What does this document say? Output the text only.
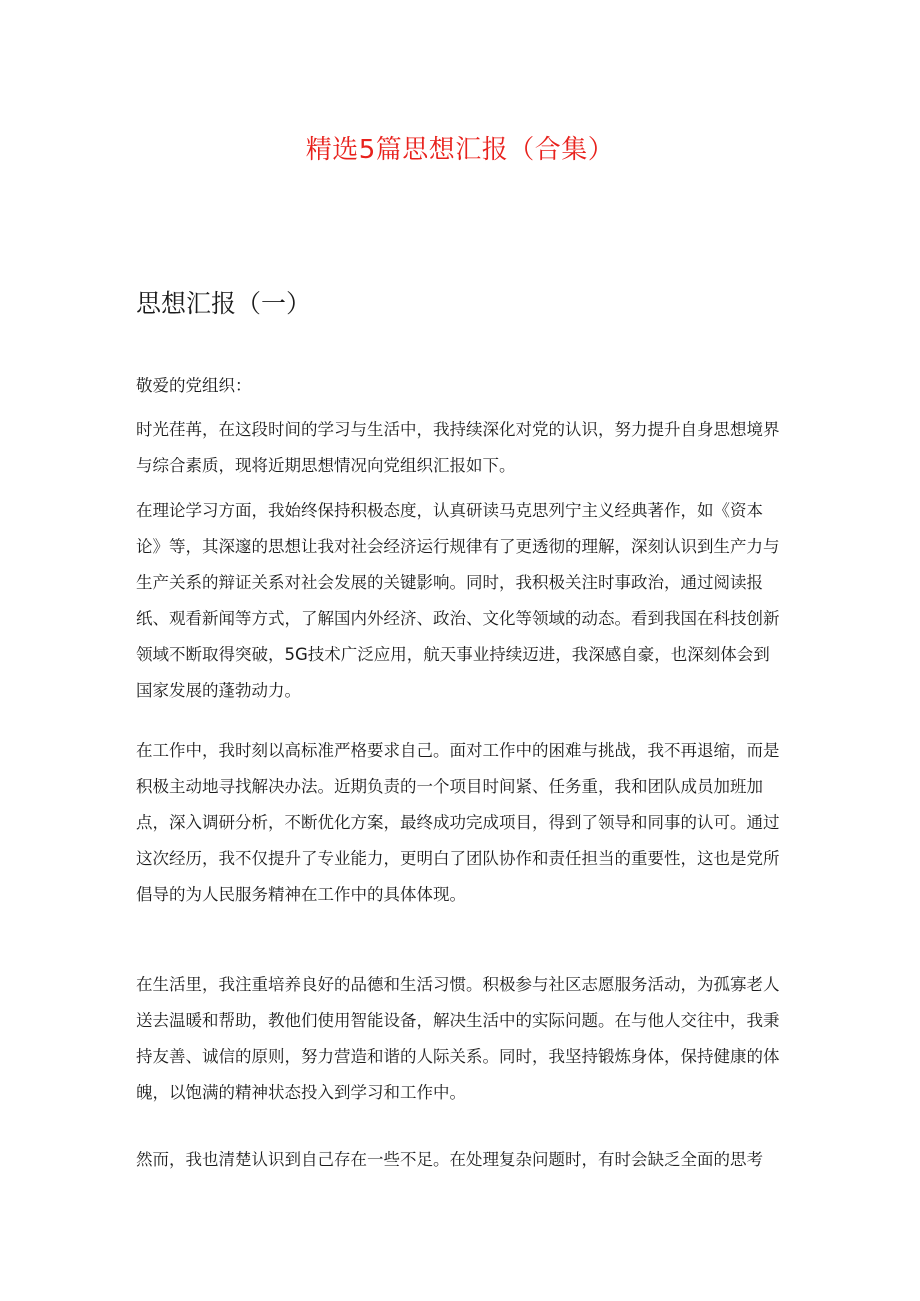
精选5篇思想汇报（合集）
思想汇报（一）

敬爱的党组织：

时光荏苒，在这段时间的学习与生活中，我持续深化对党的认识，努力提升自身思想境界与综合素质，现将近期思想情况向党组织汇报如下。

在理论学习方面，我始终保持积极态度，认真研读马克思列宁主义经典著作，如《资本论》等，其深邃的思想让我对社会经济运行规律有了更透彻的理解，深刻认识到生产力与生产关系的辩证关系对社会发展的关键影响。同时，我积极关注时事政治，通过阅读报纸、观看新闻等方式，了解国内外经济、政治、文化等领域的动态。看到我国在科技创新领域不断取得突破，5G技术广泛应用，航天事业持续迈进，我深感自豪，也深刻体会到国家发展的蓬勃动力。

在工作中，我时刻以高标准严格要求自己。面对工作中的困难与挑战，我不再退缩，而是积极主动地寻找解决办法。近期负责的一个项目时间紧、任务重，我和团队成员加班加点，深入调研分析，不断优化方案，最终成功完成项目，得到了领导和同事的认可。通过这次经历，我不仅提升了专业能力，更明白了团队协作和责任担当的重要性，这也是党所倡导的为人民服务精神在工作中的具体体现。

在生活里，我注重培养良好的品德和生活习惯。积极参与社区志愿服务活动，为孤寡老人送去温暖和帮助，教他们使用智能设备，解决生活中的实际问题。在与他人交往中，我秉持友善、诚信的原则，努力营造和谐的人际关系。同时，我坚持锻炼身体，保持健康的体魄，以饱满的精神状态投入到学习和工作中。

然而，我也清楚认识到自己存在一些不足。在处理复杂问题时，有时会缺乏全面的思考
